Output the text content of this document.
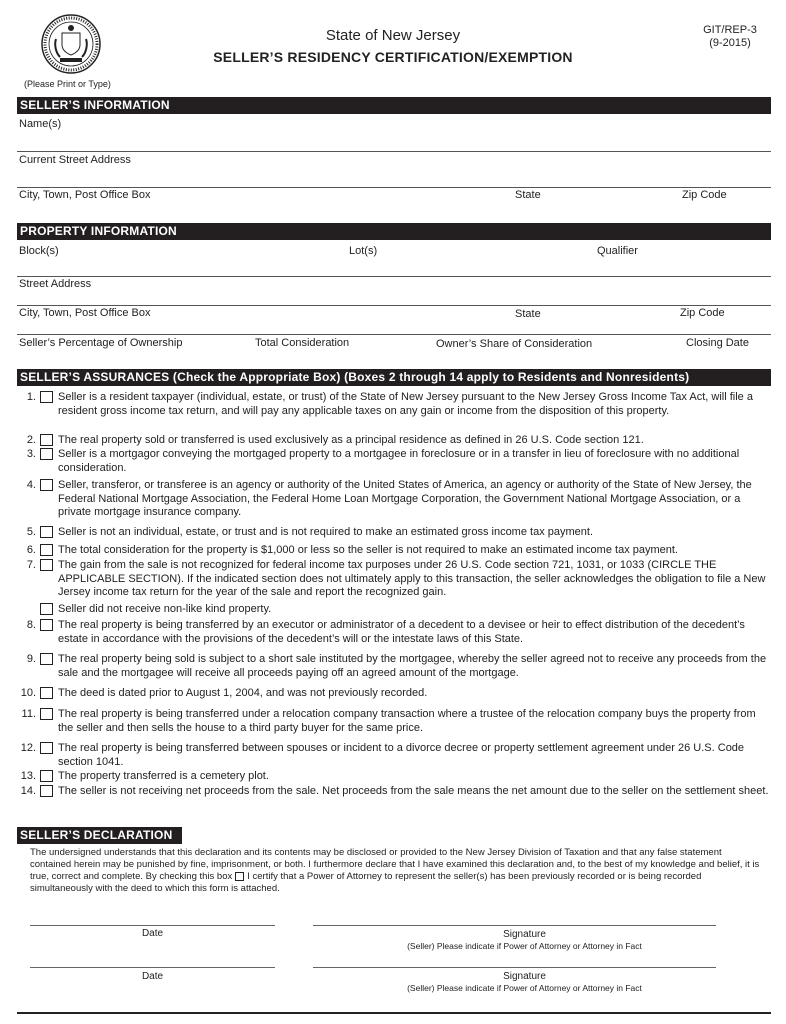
State of New Jersey
SELLER’S RESIDENCY CERTIFICATION/EXEMPTION
GIT/REP-3
(9-2015)
(Please Print or Type)
SELLER’S INFORMATION
Name(s)
Current Street Address
City, Town, Post Office Box	State	Zip Code
PROPERTY INFORMATION
Block(s)	Lot(s)	Qualifier
Street Address
City, Town, Post Office Box	State	Zip Code
Seller’s Percentage of Ownership	Total Consideration	Owner’s Share of Consideration	Closing Date
SELLER’S ASSURANCES (Check the Appropriate Box) (Boxes 2 through 14 apply to Residents and Nonresidents)
1. Seller is a resident taxpayer (individual, estate, or trust) of the State of New Jersey pursuant to the New Jersey Gross Income Tax Act, will file a resident gross income tax return, and will pay any applicable taxes on any gain or income from the disposition of this property.
2. The real property sold or transferred is used exclusively as a principal residence as defined in 26 U.S. Code section 121.
3. Seller is a mortgagor conveying the mortgaged property to a mortgagee in foreclosure or in a transfer in lieu of foreclosure with no additional consideration.
4. Seller, transferor, or transferee is an agency or authority of the United States of America, an agency or authority of the State of New Jersey, the Federal National Mortgage Association, the Federal Home Loan Mortgage Corporation, the Government National Mortgage Association, or a private mortgage insurance company.
5. Seller is not an individual, estate, or trust and is not required to make an estimated gross income tax payment.
6. The total consideration for the property is $1,000 or less so the seller is not required to make an estimated income tax payment.
7. The gain from the sale is not recognized for federal income tax purposes under 26 U.S. Code section 721, 1031, or 1033 (CIRCLE THE APPLICABLE SECTION). If the indicated section does not ultimately apply to this transaction, the seller acknowledges the obligation to file a New Jersey income tax return for the year of the sale and report the recognized gain.
Seller did not receive non-like kind property.
8. The real property is being transferred by an executor or administrator of a decedent to a devisee or heir to effect distribution of the decedent’s estate in accordance with the provisions of the decedent’s will or the intestate laws of this State.
9. The real property being sold is subject to a short sale instituted by the mortgagee, whereby the seller agreed not to receive any proceeds from the sale and the mortgagee will receive all proceeds paying off an agreed amount of the mortgage.
10. The deed is dated prior to August 1, 2004, and was not previously recorded.
11. The real property is being transferred under a relocation company transaction where a trustee of the relocation company buys the property from the seller and then sells the house to a third party buyer for the same price.
12. The real property is being transferred between spouses or incident to a divorce decree or property settlement agreement under 26 U.S. Code section 1041.
13. The property transferred is a cemetery plot.
14. The seller is not receiving net proceeds from the sale. Net proceeds from the sale means the net amount due to the seller on the settlement sheet.
SELLER’S DECLARATION
The undersigned understands that this declaration and its contents may be disclosed or provided to the New Jersey Division of Taxation and that any false statement contained herein may be punished by fine, imprisonment, or both. I furthermore declare that I have examined this declaration and, to the best of my knowledge and belief, it is true, correct and complete. By checking this box I certify that a Power of Attorney to represent the seller(s) has been previously recorded or is being recorded simultaneously with the deed to which this form is attached.
Date	Signature
(Seller) Please indicate if Power of Attorney or Attorney in Fact
Date	Signature
(Seller) Please indicate if Power of Attorney or Attorney in Fact
